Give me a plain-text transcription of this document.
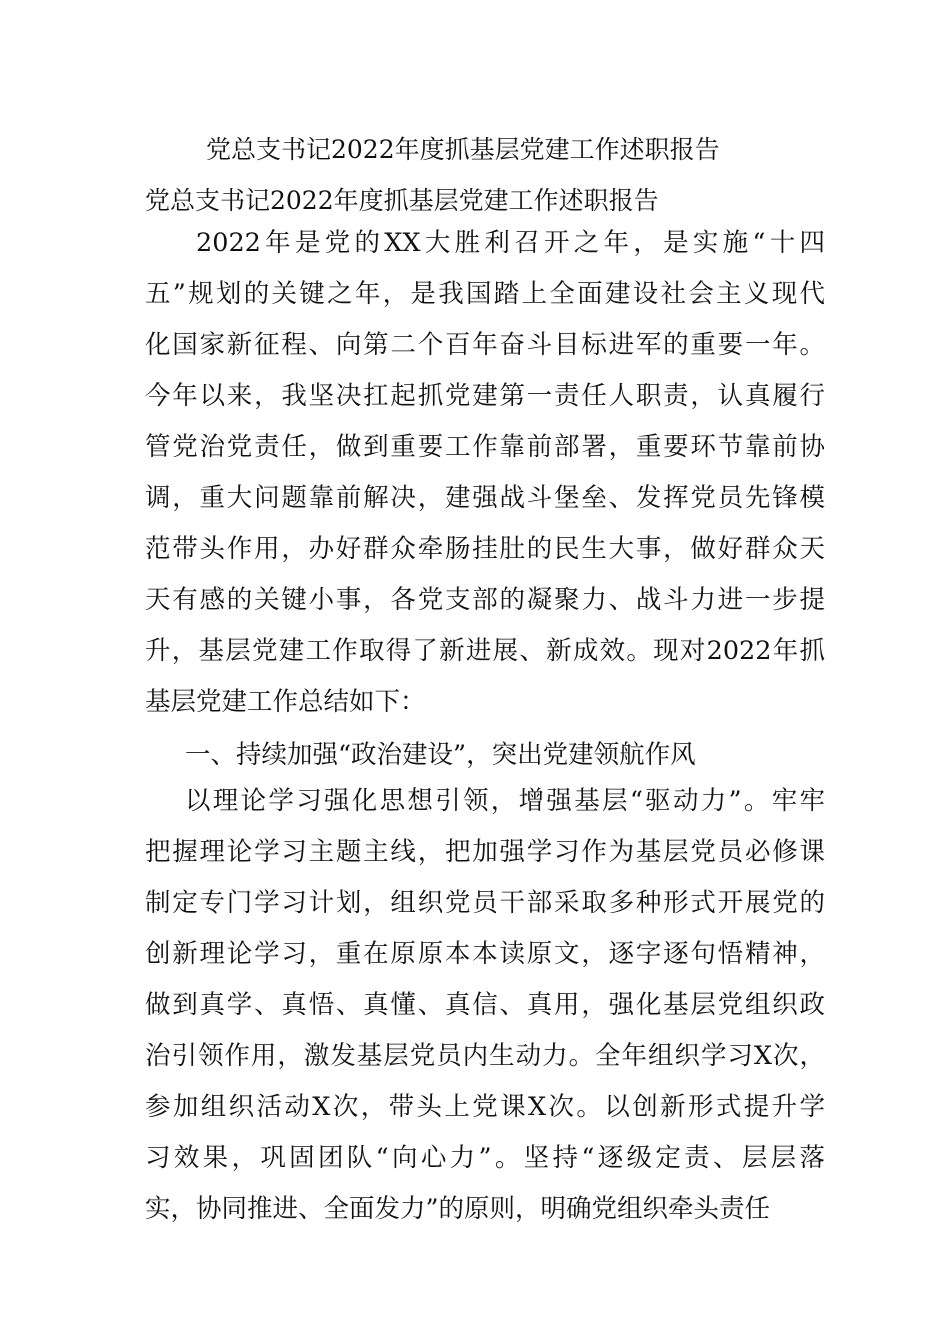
党总支书记2022年度抓基层党建工作述职报告
党总支书记2022年度抓基层党建工作述职报告
2022年是党的XX大胜利召开之年，是实施“十四
五”规划的关键之年，是我国踏上全面建设社会主义现代
化国家新征程、向第二个百年奋斗目标进军的重要一年。
今年以来，我坚决扛起抓党建第一责任人职责，认真履行
管党治党责任，做到重要工作靠前部署，重要环节靠前协
调，重大问题靠前解决，建强战斗堡垒、发挥党员先锋模
范带头作用，办好群众牵肠挂肚的民生大事，做好群众天
天有感的关键小事，各党支部的凝聚力、战斗力进一步提
升，基层党建工作取得了新进展、新成效。现对2022年抓
基层党建工作总结如下：
一、持续加强“政治建设”，突出党建领航作风
以理论学习强化思想引领，增强基层“驱动力”。牢牢
把握理论学习主题主线，把加强学习作为基层党员必修课
制定专门学习计划，组织党员干部采取多种形式开展党的
创新理论学习，重在原原本本读原文，逐字逐句悟精神，
做到真学、真悟、真懂、真信、真用，强化基层党组织政
治引领作用，激发基层党员内生动力。全年组织学习X次，
参加组织活动X次，带头上党课X次。以创新形式提升学
习效果，巩固团队“向心力”。坚持“逐级定责、层层落
实，协同推进、全面发力”的原则，明确党组织牵头责任
